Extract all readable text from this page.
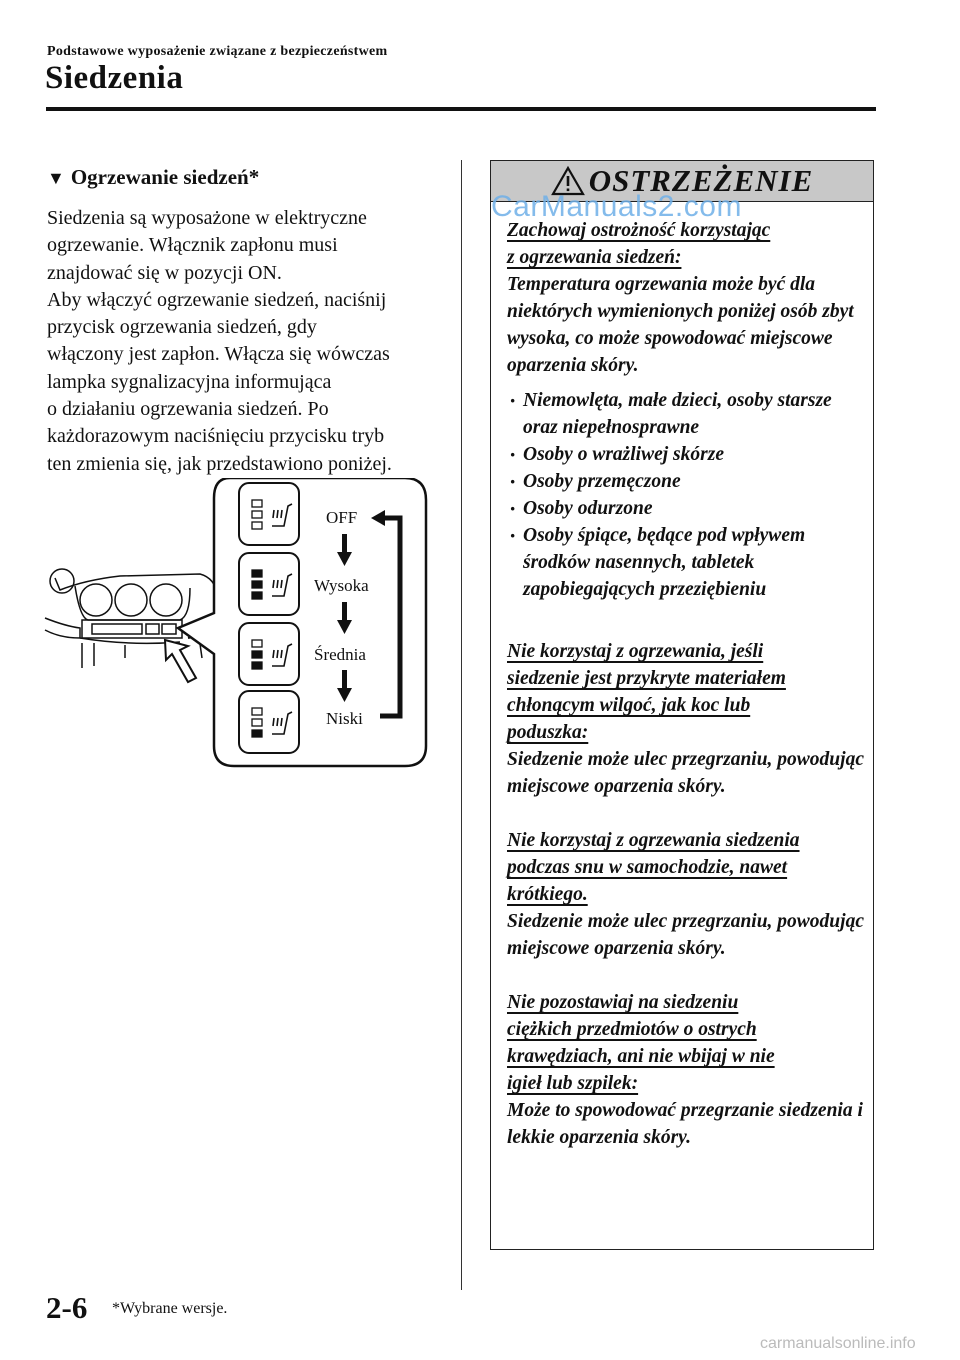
Podstawowe wyposażenie związane z bezpieczeństwem
Siedzenia
▼ Ogrzewanie siedzeń*

Siedzenia są wyposażone w elektryczne

ogrzewanie. Włącznik zapłonu musi

znajdować się w pozycji ON.

Aby włączyć ogrzewanie siedzeń, naciśnij

przycisk ogrzewania siedzeń, gdy

włączony jest zapłon. Włącza się wówczas

lampka sygnalizacyjna informująca

o działaniu ogrzewania siedzeń. Po

każdorazowym naciśnięciu przycisku tryb

ten zmienia się, jak przedstawiono poniżej.

OFF
Wysoka
Średnia
Niski
OSTRZEŻENIE
Zachowaj ostrożność korzystając
z ogrzewania siedzeń:
Temperatura ogrzewania może być dla niektórych wymienionych poniżej osób zbyt wysoka, co może spowodować miejscowe oparzenia skóry.
· Niemowlęta, małe dzieci, osoby starsze oraz niepełnosprawne
· Osoby o wrażliwej skórze
· Osoby przemęczone
· Osoby odurzone
· Osoby śpiące, będące pod wpływem środków nasennych, tabletek zapobiegających przeziębieniu
Nie korzystaj z ogrzewania, jeśli
siedzenie jest przykryte materiałem
chłonącym wilgoć, jak koc lub
poduszka:
Siedzenie może ulec przegrzaniu, powodując miejscowe oparzenia skóry.
Nie korzystaj z ogrzewania siedzenia
podczas snu w samochodzie, nawet
krótkiego.
Siedzenie może ulec przegrzaniu, powodując miejscowe oparzenia skóry.
Nie pozostawiaj na siedzeniu
ciężkich przedmiotów o ostrych
krawędziach, ani nie wbijaj w nie
igieł lub szpilek:
Może to spowodować przegrzanie siedzenia i lekkie oparzenia skóry.
CarManuals2.com
2-6 *Wybrane wersje.
carmanualsonline.info
